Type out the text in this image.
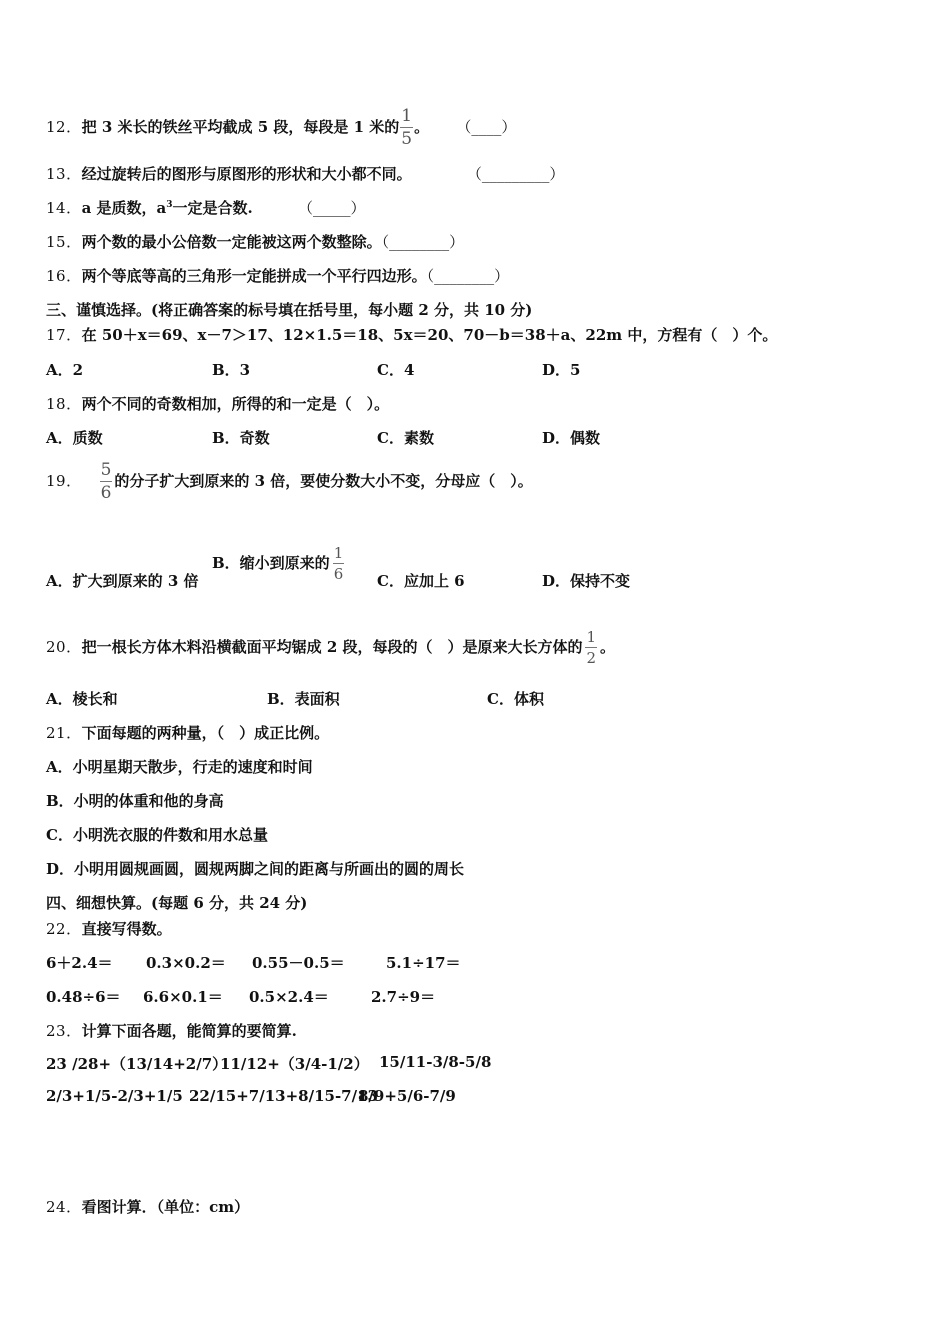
12．把 3 米长的铁丝平均截成 5 段，每段是 1 米的 $\frac{1}{5}$ 。 （____）
13．经过旋转后的图形与原图形的形状和大小都不同。	（_________）
14．a 是质数，$a^3$一定是合数.	（_____）
15．两个数的最小公倍数一定能被这两个数整除。（________）
16．两个等底等高的三角形一定能拼成一个平行四边形。（________）
三、谨慎选择。(将正确答案的标号填在括号里，每小题 2 分，共 10 分)
17．在 50＋x＝69、x－7＞17、12×1.5＝18、5x＝20、70－b＝38＋a、22m 中，方程有（　）个。
A．2	B．3	C．4	D．5
18．两个不同的奇数相加，所得的和一定是（　）。
A．质数	B．奇数	C．素数	D．偶数
19． $\frac{5}{6}$ 的分子扩大到原来的 3 倍，要使分数大小不变，分母应（　）。
A．扩大到原来的 3 倍
B．缩小到原来的 $\frac{1}{6}$ C．应加上 6	D．保持不变
20．把一根长方体木料沿横截面平均锯成 2 段，每段的（　）是原来大长方体的 $\frac{1}{2}$ 。
A．棱长和	B．表面积	C．体积
21．下面每题的两种量，（　）成正比例。
A．小明星期天散步，行走的速度和时间
B．小明的体重和他的身高
C．小明洗衣服的件数和用水总量
D．小明用圆规画圆，圆规两脚之间的距离与所画出的圆的周长
四、细想快算。(每题 6 分，共 24 分)
22．直接写得数。
6＋2.4＝ 0.3×0.2＝ 0.55－0.5＝	5.1÷17＝
0.48÷6＝ 6.6×0.1＝ 0.5×2.4＝	2.7÷9＝
23．计算下面各题，能简算的要简算.
23 /28+（13/14+2/7）
11/12+（3/4-1/2） 15/11-3/8-5/8
2/3+1/5-2/3+1/5 22/15+7/13+8/15-7/13
8/9+5/6-7/9
24．看图计算．（单位：cm）
